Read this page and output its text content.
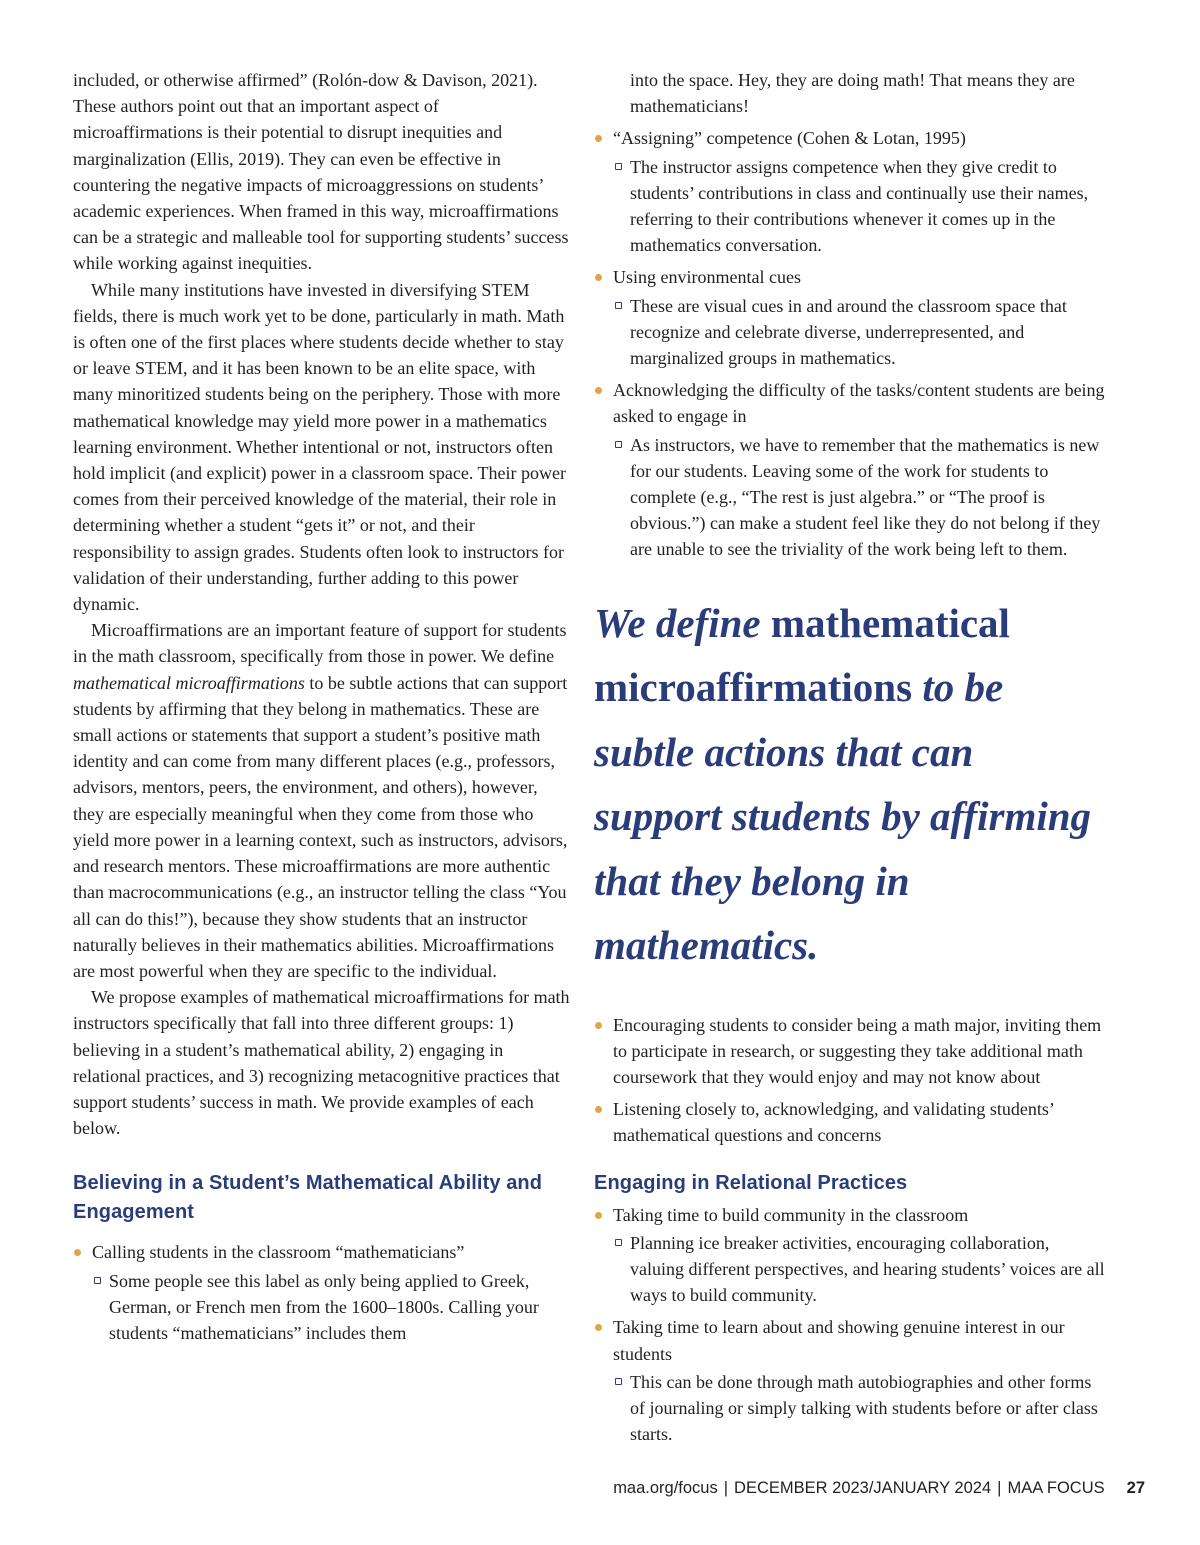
included, or otherwise affirmed” (Rolón-dow & Davison, 2021). These authors point out that an important aspect of microaffirmations is their potential to disrupt inequities and marginalization (Ellis, 2019). They can even be effective in countering the negative impacts of microaggressions on students’ academic experiences. When framed in this way, microaffirmations can be a strategic and malleable tool for supporting students’ success while working against inequities.

While many institutions have invested in diversifying STEM fields, there is much work yet to be done, particularly in math. Math is often one of the first places where students decide whether to stay or leave STEM, and it has been known to be an elite space, with many minoritized students being on the periphery. Those with more mathematical knowledge may yield more power in a mathematics learning environment. Whether intentional or not, instructors often hold implicit (and explicit) power in a classroom space. Their power comes from their perceived knowledge of the material, their role in determining whether a student “gets it” or not, and their responsibility to assign grades. Students often look to instructors for validation of their understanding, further adding to this power dynamic.

Microaffirmations are an important feature of support for students in the math classroom, specifically from those in power. We define mathematical microaffirmations to be subtle actions that can support students by affirming that they belong in mathematics. These are small actions or statements that support a student’s positive math identity and can come from many different places (e.g., professors, advisors, mentors, peers, the environment, and others), however, they are especially meaningful when they come from those who yield more power in a learning context, such as instructors, advisors, and research mentors. These microaffirmations are more authentic than macrocommunications (e.g., an instructor telling the class “You all can do this!”), because they show students that an instructor naturally believes in their mathematics abilities. Microaffirmations are most powerful when they are specific to the individual.

We propose examples of mathematical microaffirmations for math instructors specifically that fall into three different groups: 1) believing in a student’s mathematical ability, 2) engaging in relational practices, and 3) recognizing metacognitive practices that support students’ success in math. We provide examples of each below.

Believing in a Student’s Mathematical Ability and Engagement
Calling students in the classroom “mathematicians”
Some people see this label as only being applied to Greek, German, or French men from the 1600–1800s. Calling your students “mathematicians” includes them

into the space. Hey, they are doing math! That means they are mathematicians!

“Assigning” competence (Cohen & Lotan, 1995)
The instructor assigns competence when they give credit to students’ contributions in class and continually use their names, referring to their contributions whenever it comes up in the mathematics conversation.
Using environmental cues
These are visual cues in and around the classroom space that recognize and celebrate diverse, underrepresented, and marginalized groups in mathematics.
Acknowledging the difficulty of the tasks/content students are being asked to engage in
As instructors, we have to remember that the mathematics is new for our students. Leaving some of the work for students to complete (e.g., “The rest is just algebra.” or “The proof is obvious.”) can make a student feel like they do not belong if they are unable to see the triviality of the work being left to them.
We define mathematical microaffirmations to be subtle actions that can support students by affirming that they belong in mathematics.
Encouraging students to consider being a math major, inviting them to participate in research, or suggesting they take additional math coursework that they would enjoy and may not know about
Listening closely to, acknowledging, and validating students’ mathematical questions and concerns
Engaging in Relational Practices
Taking time to build community in the classroom
Planning ice breaker activities, encouraging collaboration, valuing different perspectives, and hearing students’ voices are all ways to build community.
Taking time to learn about and showing genuine interest in our students
This can be done through math autobiographies and other forms of journaling or simply talking with students before or after class starts.
maa.org/focus | DECEMBER 2023/JANUARY 2024 | MAA FOCUS 27
